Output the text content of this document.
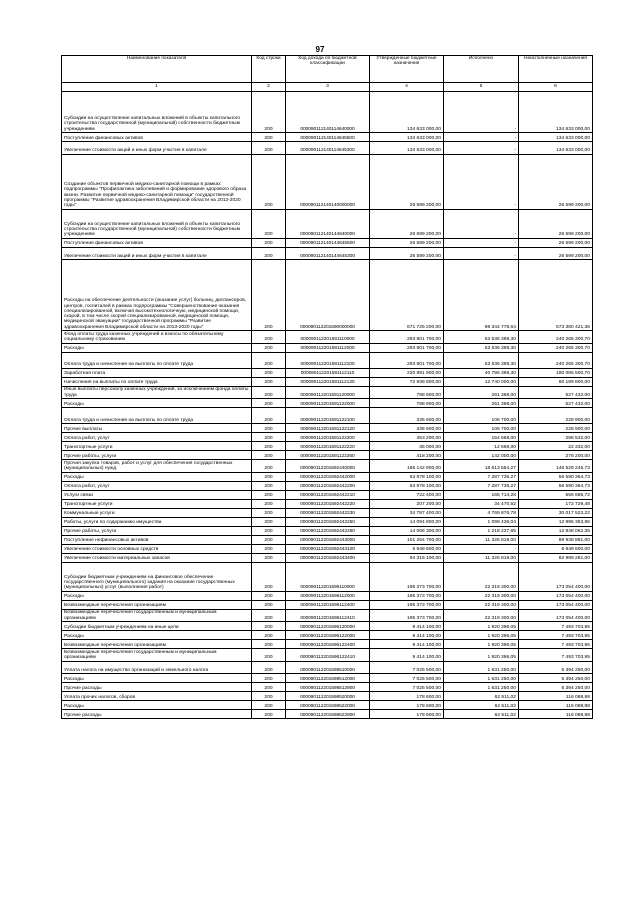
97
Наименование показателя	Код строки	Код дохода по бюджетной классификации	Утвержденные бюджетные назначения	Исполнено	Неисполненные назначения
1	2	3	4	5	6
Субсидии на осуществление капитальных вложений в объекты капитального строительства государственной (муниципальной) собственности бюджетным учреждениям	200	000090112140114640000	134 633 000,00	-	134 633 000,00
Поступление финансовых активов	200	000090112140114645500	134 633 000,00	-	134 633 000,00
Увеличение стоимости акций и иных форм участия в капитале	200	000090112140114645300	134 633 000,00	-	134 633 000,00
Создание объектов первичной медико-санитарной помощи в рамках подпрограммы "Профилактика заболеваний и формирование здорового образа жизни. Развитие первичной медико-санитарной помощи" государственной программы "Развитие здравоохранения Владимирской области на 2013-2020 годы"	200	000090112140140000000	26 599 200,00	-	26 599 200,00
Субсидии на осуществление капитальных вложений в объекты капитального строительства государственной (муниципальной) собственности бюджетным учреждениям	200	000090112140144640000	26 599 200,00	-	26 599 200,00
Поступление финансовых активов	200	000090112140144645500	26 599 200,00	-	26 599 200,00
Увеличение стоимости акций и иных форм участия в капитале	200	000090112140144645300	26 599 200,00	-	26 599 200,00
Расходы на обеспечение деятельности (оказание услуг) больниц, диспансеров, центров, госпиталей в рамках подпрограммы "Совершенствование оказания специализированной, включая высокотехнологичную, медицинской помощи, скорой, в том числе скорой специализированной, медицинской помощи, медицинской эвакуации" государственной программы "Развитие здравоохранения Владимирской области на 2013-2020 годы"	200	000090112201590000000	671 725 200,00	98 344 778,64	573 380 421,36
Фонд оплаты труда казенных учреждений и взносы по обязательному социальному страхованию	200	000090112201591110000	293 801 700,00	53 536 399,30	240 265 300,70
Расходы	200	000090112201591112000	293 801 700,00	53 536 399,30	240 265 300,70
Оплата труда и начисления на выплаты по оплате труда	200	000090112201591112100	293 801 700,00	53 536 399,30	240 265 300,70
Заработная плата	200	000090112201591112110	220 881 900,00	40 796 399,30	180 085 500,70
Начисления на выплаты по оплате труда	200	000090112201591112130	72 939 800,00	12 740 000,00	60 199 800,00
Иные выплаты персоналу казенных учреждений, за исключением фонда оплаты труда	200	000090112201591120000	788 800,00	261 368,00	527 432,00
Расходы	200	000090112201591122000	788 800,00	261 368,00	527 432,00
Оплата труда и начисления на выплаты по оплате труда	200	000090112201591122100	335 600,00	106 700,00	228 900,00
Прочие выплаты	200	000090112201591122120	335 600,00	106 700,00	228 900,00
Оплата работ, услуг	200	000090112201591122200	453 200,00	154 668,00	298 532,00
Транспортные услуги	200	000090112201591122220	35 000,00	12 668,00	22 332,00
Прочие работы, услуги	200	000090112201591122260	418 200,00	142 000,00	276 200,00
Прочая закупка товаров, работ и услуг для обеспечения государственных (муниципальных) нужд	200	000090112201592440000	165 142 800,00	18 613 554,27	146 529 245,73
Расходы	200	000090112201592442000	63 878 100,00	7 287 735,27	56 590 364,73
Оплата работ, услуг	200	000090112201592442200	63 878 100,00	7 287 735,27	56 590 364,73
Услуги связи	200	000090112201592442210	722 400,00	165 714,28	556 685,72
Транспортные услуги	200	000090112201592442220	207 200,00	34 470,52	172 729,48
Коммунальные услуги	200	000090112201592442230	34 787 400,00	4 769 876,78	30 017 523,22
Работы, услуги по содержанию имущества	200	000090112201592442250	14 094 800,00	1 099 436,04	12 995 363,96
Прочие работы, услуги	200	000090112201592442260	14 066 300,00	1 218 237,65	12 848 062,35
Поступление нефинансовых активов	200	000090112201592443000	101 264 700,00	11 325 819,00	89 938 881,00
Увеличение стоимости основных средств	200	000090112201592443100	6 949 600,00	-	6 949 600,00
Увеличение стоимости материальных запасов	200	000090112201592443400	94 315 100,00	11 325 819,00	82 989 281,00
Субсидии бюджетным учреждениям на финансовое обеспечение государственного (муниципального) задания на оказание государственных (муниципальных) услуг (выполнение работ)	200	000090112201596110000	195 373 700,00	22 319 300,00	173 054 400,00
Расходы	200	000090112201596112000	195 373 700,00	22 319 300,00	173 054 400,00
Безвозмездные перечисления организациям	200	000090112201596112400	195 373 700,00	22 319 300,00	173 054 400,00
Безвозмездные перечисления государственным и муниципальным организациям	200	000090112201596112410	195 373 700,00	22 319 300,00	173 054 400,00
Субсидии бюджетным учреждениям на иные цели	200	000090112201596120000	9 414 100,00	1 920 396,05	7 493 703,95
Расходы	200	000090112201596122000	9 414 100,00	1 920 396,05	7 493 703,95
Безвозмездные перечисления организациям	200	000090112201596122400	9 414 100,00	1 920 396,05	7 493 703,95
Безвозмездные перечисления государственным и муниципальным организациям	200	000090112201596122410	9 414 100,00	1 920 396,05	7 493 703,95
Уплата налога на имущество организаций и земельного налога	200	000090112201598510000	7 025 500,00	1 631 250,00	5 394 250,00
Расходы	200	000090112201598512000	7 025 500,00	1 631 250,00	5 394 250,00
Прочие расходы	200	000090112201598512900	7 025 500,00	1 631 250,00	5 394 250,00
Уплата прочих налогов, сборов	200	000090112201598520000	178 600,00	62 511,02	116 088,98
Расходы	200	000090112201598522000	178 600,00	62 511,02	116 088,98
Прочие расходы	200	000090112201598522900	178 600,00	62 511,02	116 088,98
